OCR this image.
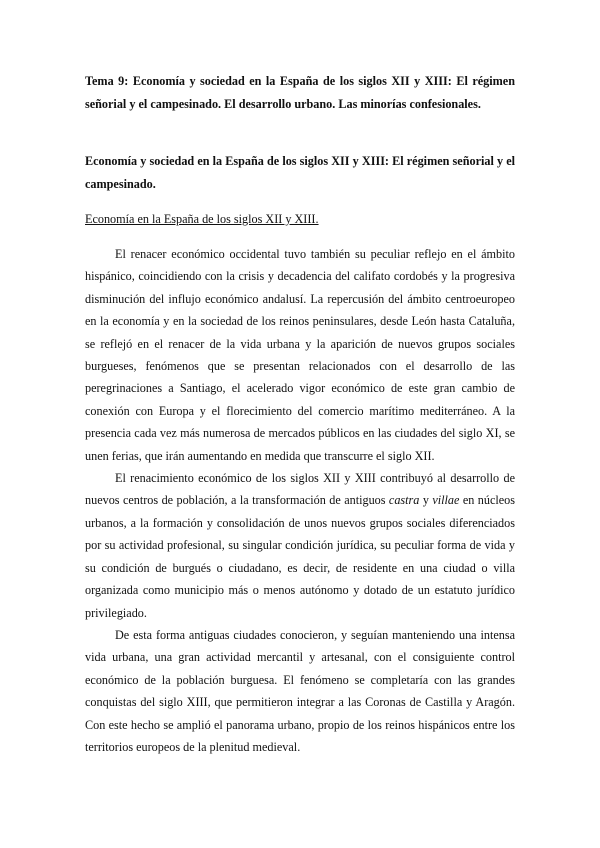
Tema 9: Economía y sociedad en la España de los siglos XII y XIII: El régimen señorial y el campesinado. El desarrollo urbano. Las minorías confesionales.

Economía y sociedad en la España de los siglos XII y XIII: El régimen señorial y el campesinado.

Economía en la España de los siglos XII y XIII.

El renacer económico occidental tuvo también su peculiar reflejo en el ámbito hispánico, coincidiendo con la crisis y decadencia del califato cordobés y la progresiva disminución del influjo económico andalusí. La repercusión del ámbito centroeuropeo en la economía y en la sociedad de los reinos peninsulares, desde León hasta Cataluña, se reflejó en el renacer de la vida urbana y la aparición de nuevos grupos sociales burgueses, fenómenos que se presentan relacionados con el desarrollo de las peregrinaciones a Santiago, el acelerado vigor económico de este gran cambio de conexión con Europa y el florecimiento del comercio marítimo mediterráneo. A la presencia cada vez más numerosa de mercados públicos en las ciudades del siglo XI, se unen ferias, que irán aumentando en medida que transcurre el siglo XII.

El renacimiento económico de los siglos XII y XIII contribuyó al desarrollo de nuevos centros de población, a la transformación de antiguos castra y villae en núcleos urbanos, a la formación y consolidación de unos nuevos grupos sociales diferenciados por su actividad profesional, su singular condición jurídica, su peculiar forma de vida y su condición de burgués o ciudadano, es decir, de residente en una ciudad o villa organizada como municipio más o menos autónomo y dotado de un estatuto jurídico privilegiado.

De esta forma antiguas ciudades conocieron, y seguían manteniendo una intensa vida urbana, una gran actividad mercantil y artesanal, con el consiguiente control económico de la población burguesa. El fenómeno se completaría con las grandes conquistas del siglo XIII, que permitieron integrar a las Coronas de Castilla y Aragón. Con este hecho se amplió el panorama urbano, propio de los reinos hispánicos entre los territorios europeos de la plenitud medieval.
